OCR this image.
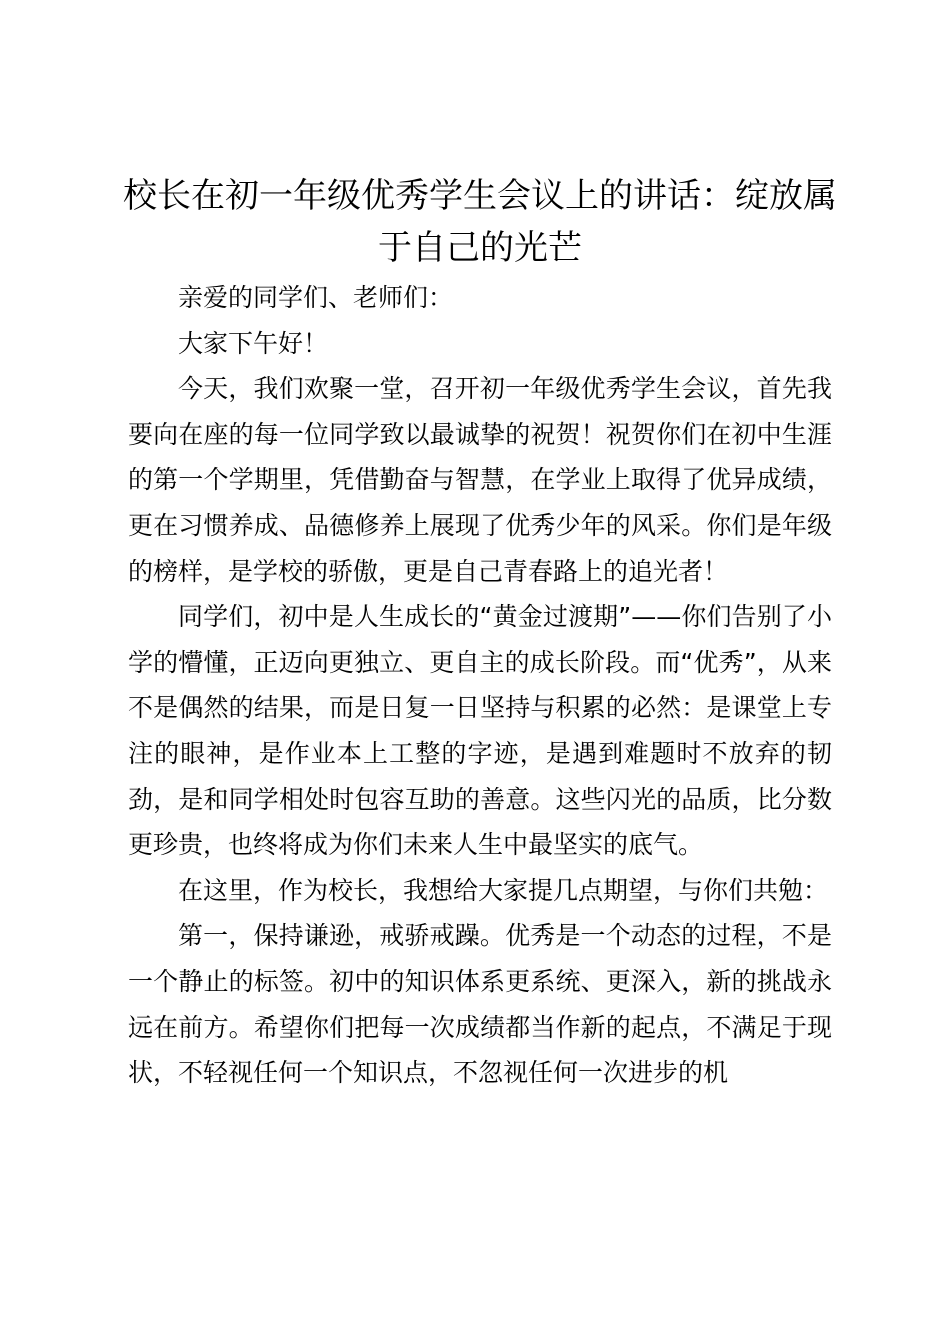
校长在初一年级优秀学生会议上的讲话：绽放属于自己的光芒

亲爱的同学们、老师们：

大家下午好！

今天，我们欢聚一堂，召开初一年级优秀学生会议，首先我要向在座的每一位同学致以最诚挚的祝贺！祝贺你们在初中生涯的第一个学期里，凭借勤奋与智慧，在学业上取得了优异成绩，更在习惯养成、品德修养上展现了优秀少年的风采。你们是年级的榜样，是学校的骄傲，更是自己青春路上的追光者！

同学们，初中是人生成长的“黄金过渡期”——你们告别了小学的懵懂，正迈向更独立、更自主的成长阶段。而“优秀”，从来不是偶然的结果，而是日复一日坚持与积累的必然：是课堂上专注的眼神，是作业本上工整的字迹，是遇到难题时不放弃的韧劲，是和同学相处时包容互助的善意。这些闪光的品质，比分数更珍贵，也终将成为你们未来人生中最坚实的底气。

在这里，作为校长，我想给大家提几点期望，与你们共勉：

第一，保持谦逊，戒骄戒躁。优秀是一个动态的过程，不是一个静止的标签。初中的知识体系更系统、更深入，新的挑战永远在前方。希望你们把每一次成绩都当作新的起点，不满足于现状，不轻视任何一个知识点，不忽视任何一次进步的机
